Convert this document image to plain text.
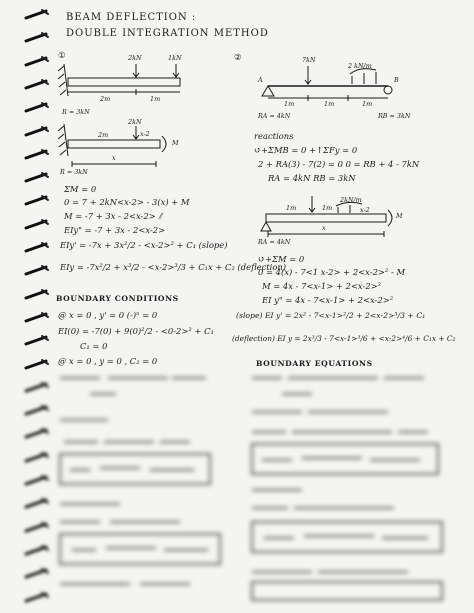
BEAM DEFLECTION :
DOUBLE INTEGRATION METHOD
①	2kN	1kN
2m	1m
R = 3kN
2m
2kN
x-2
M
x
R = 3kN
ƩM = 0
0 = 7 + 2kN<x-2> - 3(x) + M
M = -7 + 3x - 2<x-2> ⫽
EIy" = -7 + 3x - 2<x-2>
EIy' = -7x + 3x²/2 - <x-2>² + C₁ (slope)
EIy = -7x²/2 + x³/2 - <x-2>³/3 + C₁x + C₂ (deflection)
BOUNDARY CONDITIONS
@ x = 0 , y' = 0 (-)ⁿ = 0
EI(0) = -7(0) + 9(0)²/2 - <0-2>² + C₁
C₁ = 0
@ x = 0 , y = 0 , C₂ = 0
②	7kN
2 kN/m
A	B
1m	1m	1m
RA = 4kN	RB = 3kN
reactions
↺+ƩMB = 0 +↑ƩFy = 0
2 + RA(3) - 7(2) = 0 0 = RB + 4 - 7kN
RA = 4kN RB = 3kN
1m	1m
2kN/m
x-2
M
x
RA = 4kN
↺+ƩM = 0
0 = 4(x) - 7<1 x-2> + 2<x-2>² - M
M = 4x - 7<x-1> + 2<x-2>²
EI y" = 4x - 7<x-1> + 2<x-2>²
(slope) EI y' = 2x² - 7<x-1>²/2 + 2<x-2>³/3 + C₁
(deflection) EI y = 2x³/3 - 7<x-1>³/6 + <x-2>⁴/6 + C₁x + C₂
BOUNDARY EQUATIONS
